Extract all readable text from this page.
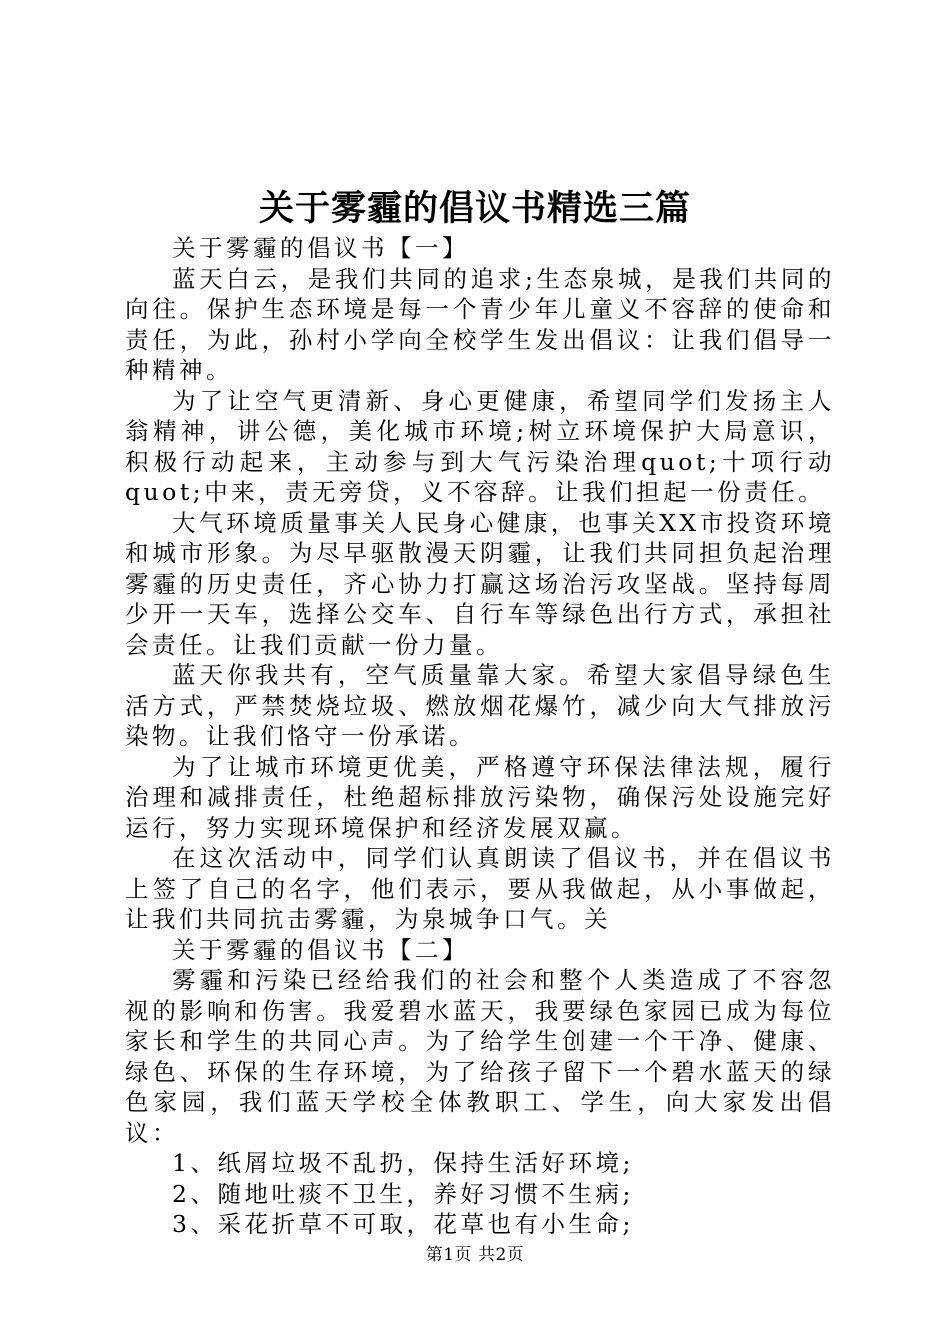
关于雾霾的倡议书精选三篇

关于雾霾的倡议书【一】

蓝天白云，是我们共同的追求;生态泉城，是我们共同的向往。保护生态环境是每一个青少年儿童义不容辞的使命和责任，为此，孙村小学向全校学生发出倡议：让我们倡导一种精神。

为了让空气更清新、身心更健康，希望同学们发扬主人翁精神，讲公德，美化城市环境;树立环境保护大局意识，积极行动起来，主动参与到大气污染治理quot;十项行动quot;中来，责无旁贷，义不容辞。让我们担起一份责任。

大气环境质量事关人民身心健康，也事关XX市投资环境和城市形象。为尽早驱散漫天阴霾，让我们共同担负起治理雾霾的历史责任，齐心协力打赢这场治污攻坚战。坚持每周少开一天车，选择公交车、自行车等绿色出行方式，承担社会责任。让我们贡献一份力量。

蓝天你我共有，空气质量靠大家。希望大家倡导绿色生活方式，严禁焚烧垃圾、燃放烟花爆竹，减少向大气排放污染物。让我们恪守一份承诺。

为了让城市环境更优美，严格遵守环保法律法规，履行治理和减排责任，杜绝超标排放污染物，确保污处设施完好运行，努力实现环境保护和经济发展双赢。

在这次活动中，同学们认真朗读了倡议书，并在倡议书上签了自己的名字，他们表示，要从我做起，从小事做起，让我们共同抗击雾霾，为泉城争口气。关

关于雾霾的倡议书【二】

雾霾和污染已经给我们的社会和整个人类造成了不容忽视的影响和伤害。我爱碧水蓝天，我要绿色家园已成为每位家长和学生的共同心声。为了给学生创建一个干净、健康、绿色、环保的生存环境，为了给孩子留下一个碧水蓝天的绿色家园，我们蓝天学校全体教职工、学生，向大家发出倡议：

1、纸屑垃圾不乱扔，保持生活好环境;

2、随地吐痰不卫生，养好习惯不生病;

3、采花折草不可取，花草也有小生命;

第1页 共2页
